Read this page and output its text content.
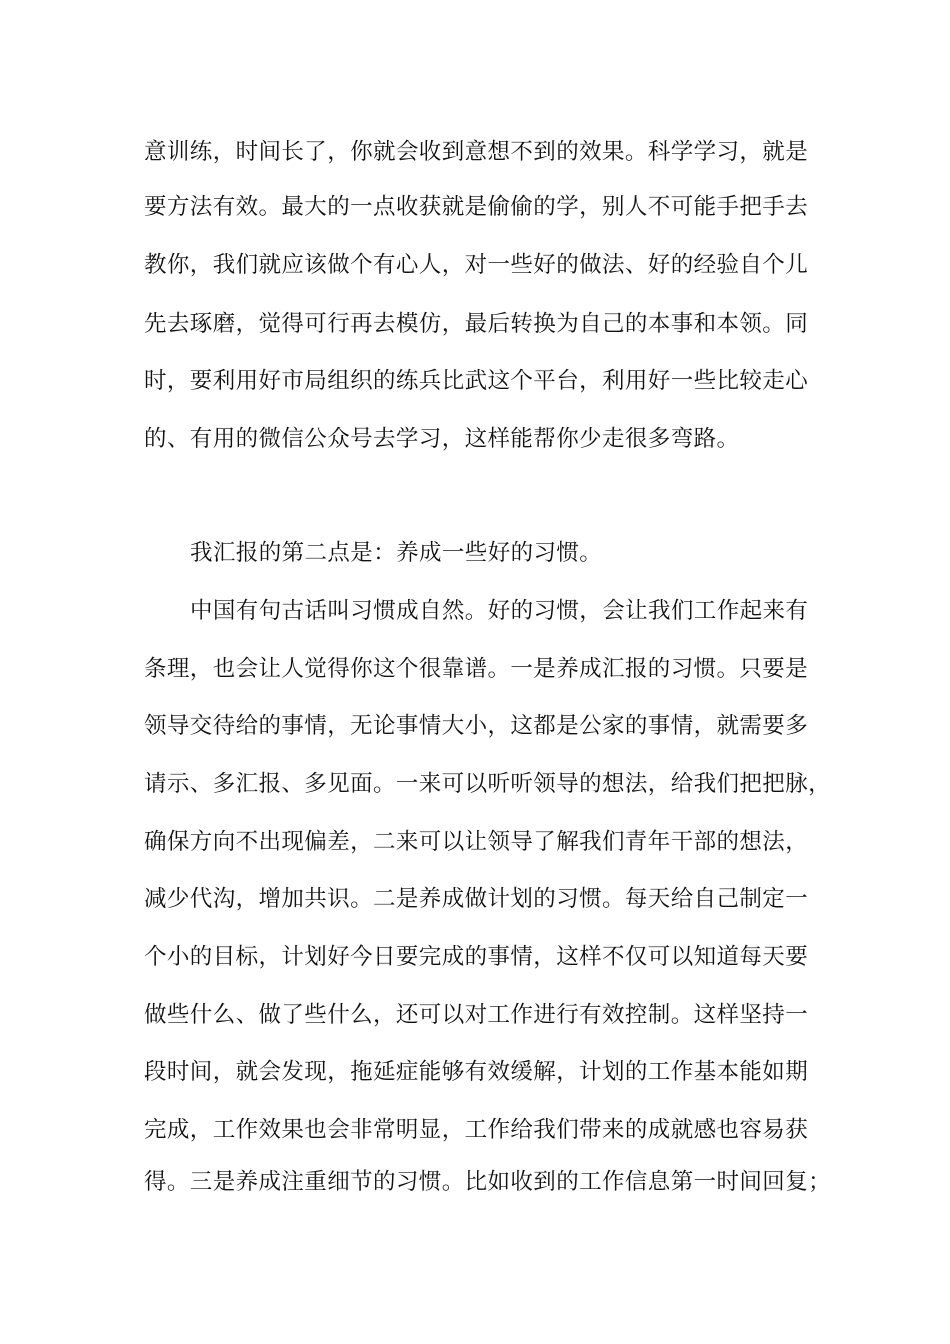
意训练，时间长了，你就会收到意想不到的效果。科学学习，就是
要方法有效。最大的一点收获就是偷偷的学，别人不可能手把手去
教你，我们就应该做个有心人，对一些好的做法、好的经验自个儿
先去琢磨，觉得可行再去模仿，最后转换为自己的本事和本领。同
时，要利用好市局组织的练兵比武这个平台，利用好一些比较走心
的、有用的微信公众号去学习，这样能帮你少走很多弯路。
我汇报的第二点是：养成一些好的习惯。
中国有句古话叫习惯成自然。好的习惯，会让我们工作起来有
条理，也会让人觉得你这个很靠谱。一是养成汇报的习惯。只要是
领导交待给的事情，无论事情大小，这都是公家的事情，就需要多
请示、多汇报、多见面。一来可以听听领导的想法，给我们把把脉，
确保方向不出现偏差，二来可以让领导了解我们青年干部的想法，
减少代沟，增加共识。二是养成做计划的习惯。每天给自己制定一
个小的目标，计划好今日要完成的事情，这样不仅可以知道每天要
做些什么、做了些什么，还可以对工作进行有效控制。这样坚持一
段时间，就会发现，拖延症能够有效缓解，计划的工作基本能如期
完成，工作效果也会非常明显，工作给我们带来的成就感也容易获
得。三是养成注重细节的习惯。比如收到的工作信息第一时间回复；
